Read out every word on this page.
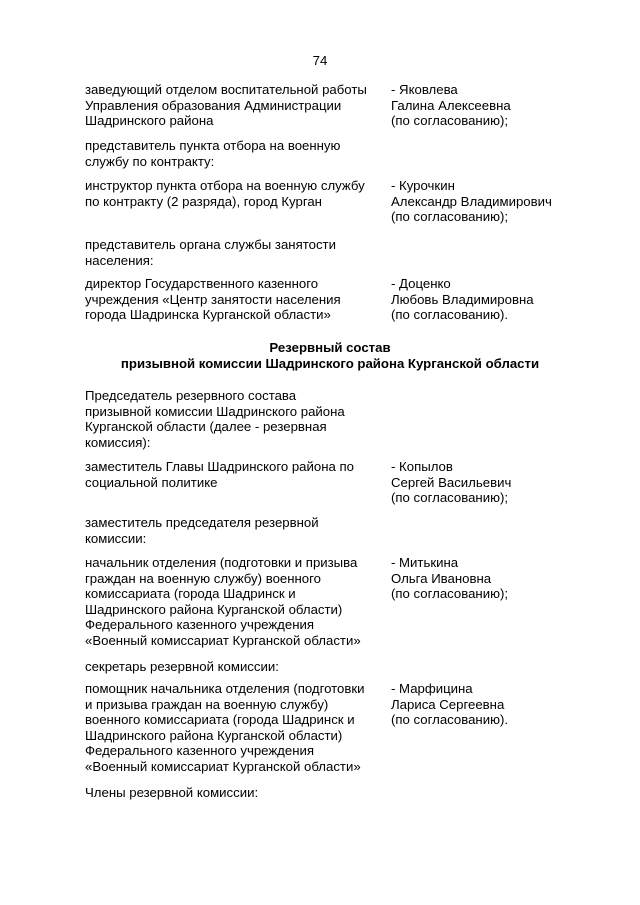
74
заведующий отделом воспитательной работы
Управления образования Администрации
Шадринского района
- Яковлева
Галина Алексеевна
(по согласованию);
представитель пункта отбора на военную
службу по контракту:
инструктор пункта отбора на военную службу
по контракту (2 разряда), город Курган
- Курочкин
Александр Владимирович
(по согласованию);
представитель органа службы занятости
населения:
директор Государственного казенного
учреждения «Центр занятости населения
города Шадринска Курганской области»
- Доценко
Любовь Владимировна
(по согласованию).
Резервный состав
призывной комиссии Шадринского района Курганской области
Председатель резервного состава
призывной комиссии Шадринского района
Курганской области (далее - резервная
комиссия):
заместитель Главы Шадринского района по
социальной политике
- Копылов
Сергей Васильевич
(по согласованию);
заместитель председателя резервной
комиссии:
начальник отделения (подготовки и призыва
граждан на военную службу) военного
комиссариата (города Шадринск и
Шадринского района Курганской области)
Федерального казенного учреждения
«Военный комиссариат Курганской области»
- Митькина
Ольга Ивановна
(по согласованию);
секретарь резервной комиссии:
помощник начальника отделения (подготовки
и призыва граждан на военную службу)
военного комиссариата (города Шадринск и
Шадринского района Курганской области)
Федерального казенного учреждения
«Военный комиссариат Курганской области»
- Марфицина
Лариса Сергеевна
(по согласованию).
Члены резервной комиссии:
